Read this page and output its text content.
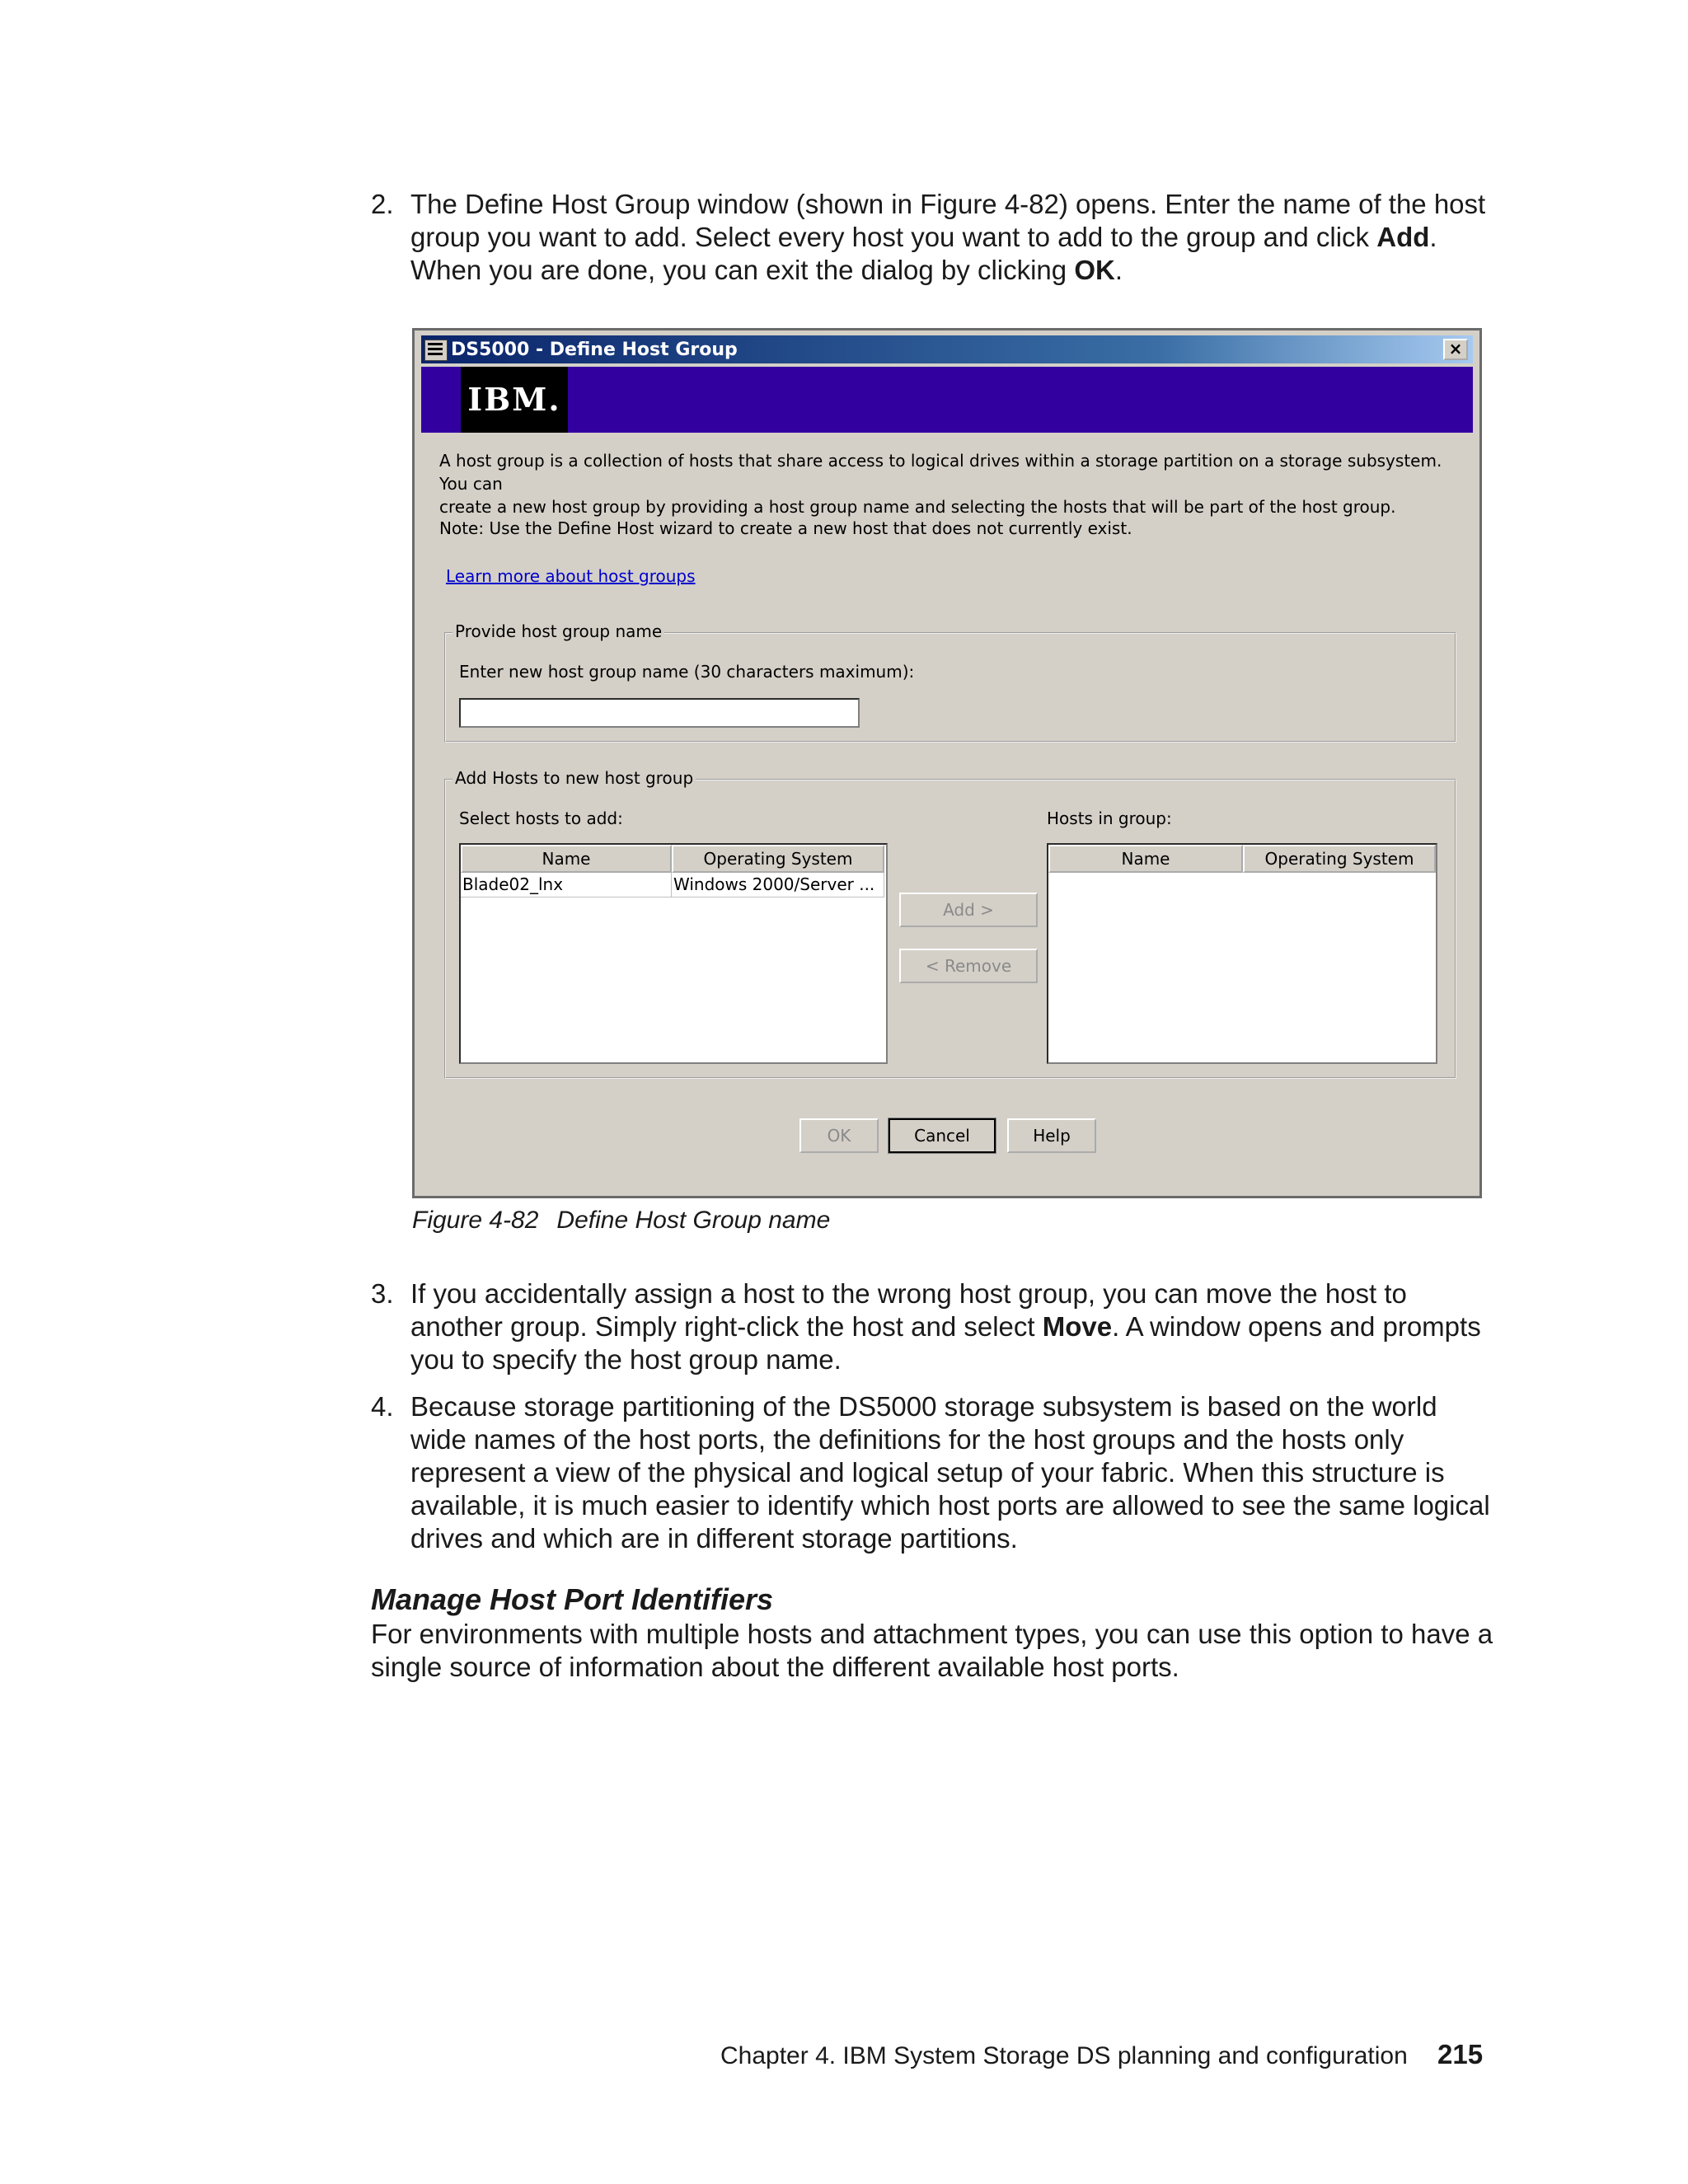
2. The Define Host Group window (shown in Figure 4-82) opens. Enter the name of the host
group you want to add. Select every host you want to add to the group and click Add.
When you are done, you can exit the dialog by clicking OK.
DS5000 - Define Host Group	×
IBM.
A host group is a collection of hosts that share access to logical drives within a storage partition on a storage subsystem. You can
create a new host group by providing a host group name and selecting the hosts that will be part of the host group.
Note: Use the Define Host wizard to create a new host that does not currently exist.
Learn more about host groups
Provide host group name
Enter new host group name (30 characters maximum):
Add Hosts to new host group
Select hosts to add:	Hosts in group:
Name	Operating System
Blade02_lnx	Windows 2000/Server ...
Add >
< Remove
Name	Operating System
OK	Cancel	Help
Figure 4-82 Define Host Group name
3. If you accidentally assign a host to the wrong host group, you can move the host to
another group. Simply right-click the host and select Move. A window opens and prompts
you to specify the host group name.
4. Because storage partitioning of the DS5000 storage subsystem is based on the world
wide names of the host ports, the definitions for the host groups and the hosts only
represent a view of the physical and logical setup of your fabric. When this structure is
available, it is much easier to identify which host ports are allowed to see the same logical
drives and which are in different storage partitions.
Manage Host Port Identifiers
For environments with multiple hosts and attachment types, you can use this option to have a
single source of information about the different available host ports.
Chapter 4. IBM System Storage DS planning and configuration 215
